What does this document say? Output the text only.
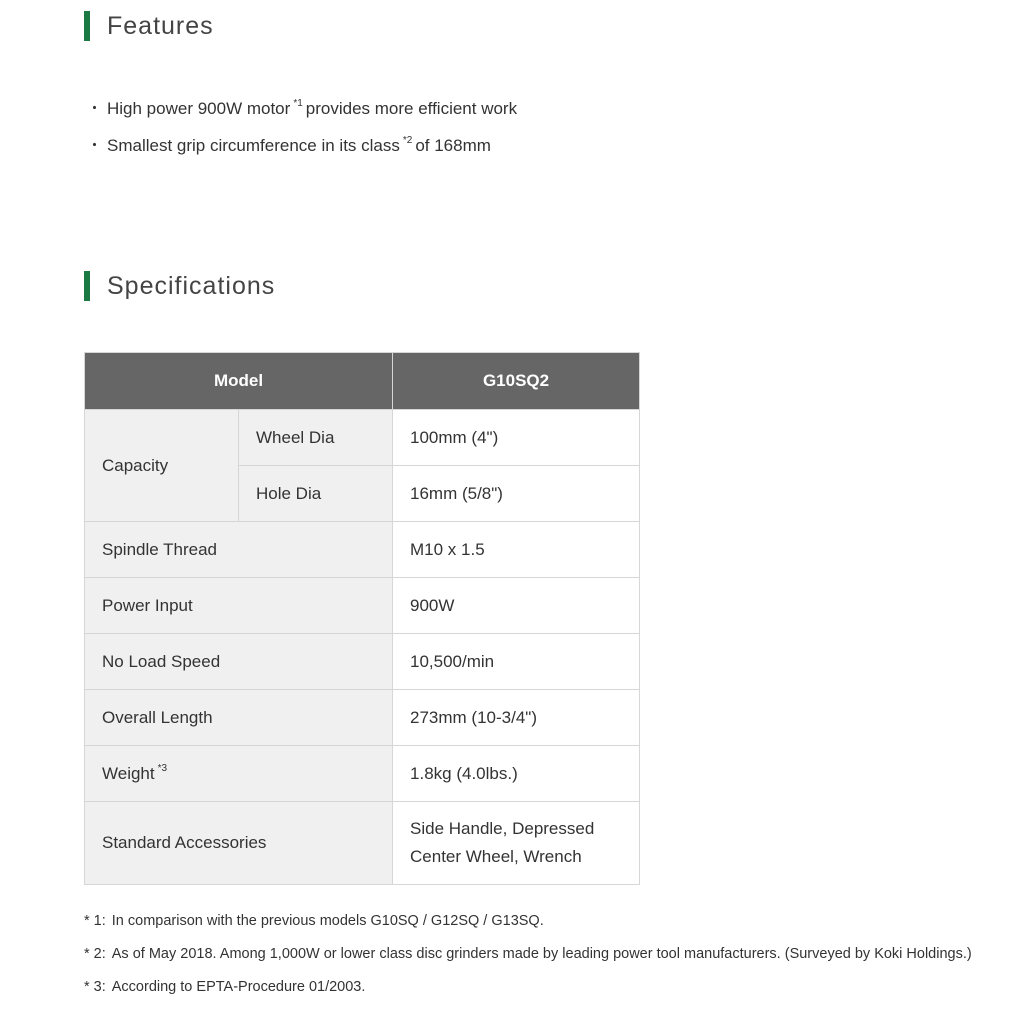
Features
・ High power 900W motor $^{*1}$ provides more efficient work
・ Smallest grip circumference in its class $^{*2}$ of 168mm
Specifications
Model		G10SQ2
Capacity	Wheel Dia	100mm (4")
	Hole Dia	16mm (5/8")
Spindle Thread		M10 x 1.5
Power Input		900W
No Load Speed		10,500/min
Overall Length		273mm (10-3/4")
Weight $^{*3}$		1.8kg (4.0lbs.)
Standard Accessories		Side Handle, Depressed
Center Wheel, Wrench
* 1: In comparison with the previous models G10SQ / G12SQ / G13SQ.
* 2: As of May 2018. Among 1,000W or lower class disc grinders made by leading power tool manufacturers. (Surveyed by Koki Holdings.)
* 3: According to EPTA-Procedure 01/2003.
